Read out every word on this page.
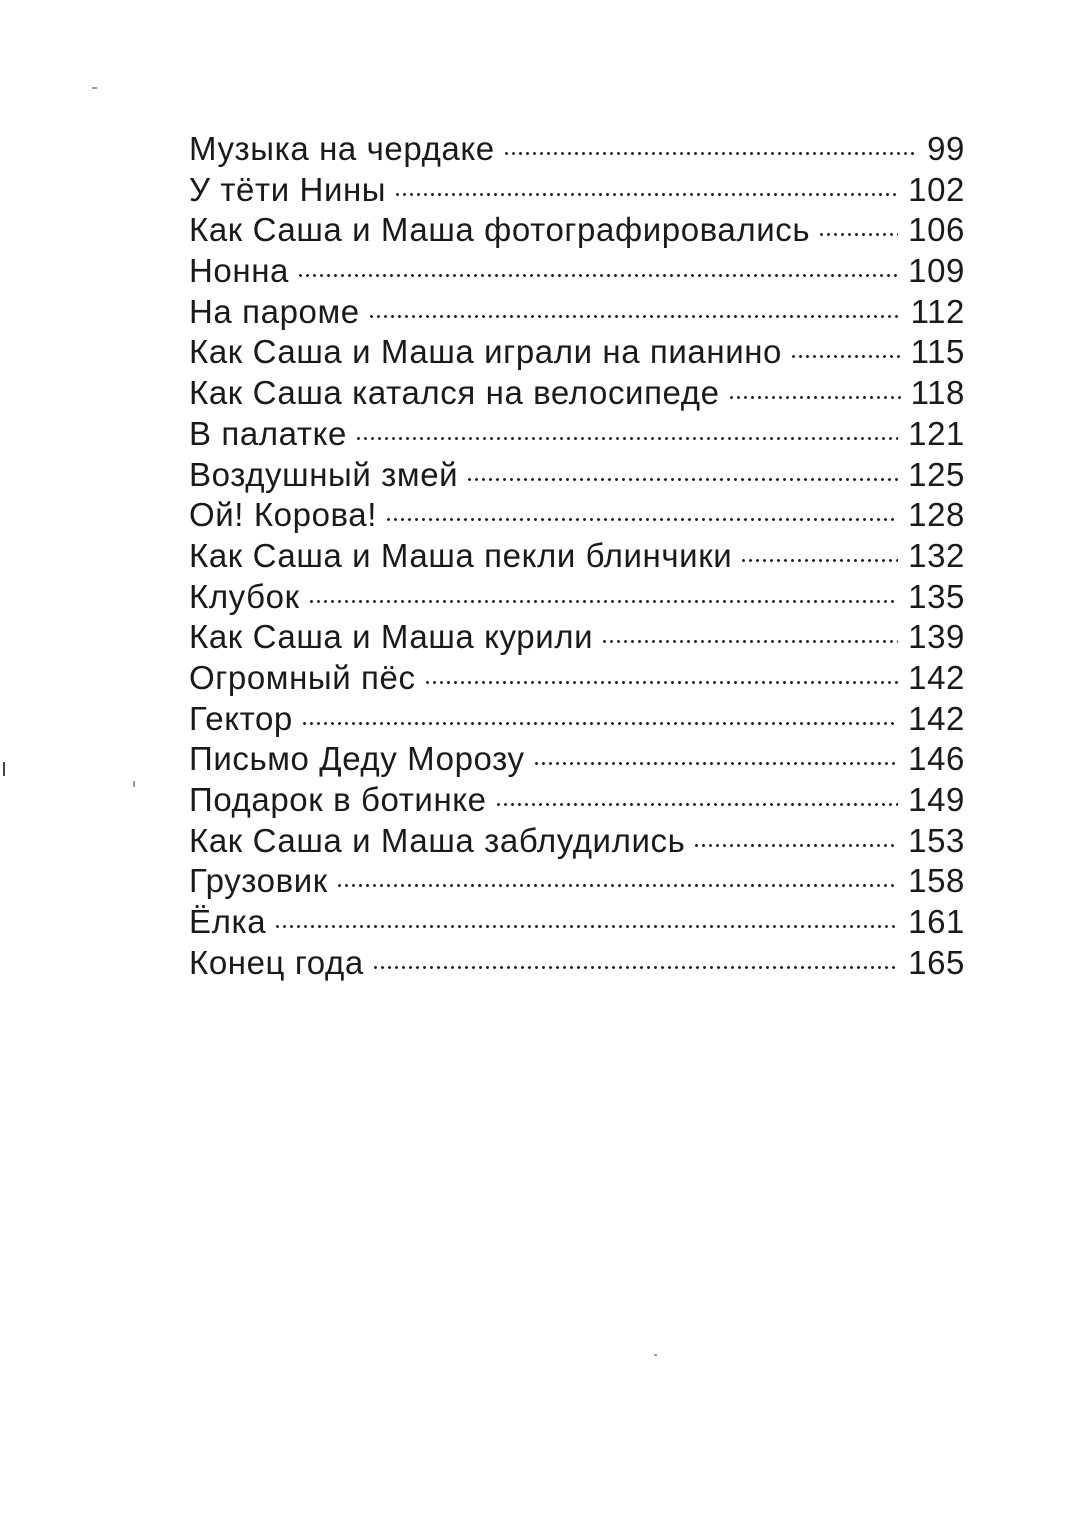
Музыка на чердаке	99
У тёти Нины	102
Как Саша и Маша фотографировались	106
Нонна	109
На пароме	112
Как Саша и Маша играли на пианино	115
Как Саша катался на велосипеде	118
В палатке	121
Воздушный змей	125
Ой! Корова!	128
Как Саша и Маша пекли блинчики	132
Клубок	135
Как Саша и Маша курили	139
Огромный пёс	142
Гектор	142
Письмо Деду Морозу	146
Подарок в ботинке	149
Как Саша и Маша заблудились	153
Грузовик	158
Ёлка	161
Конец года	165
